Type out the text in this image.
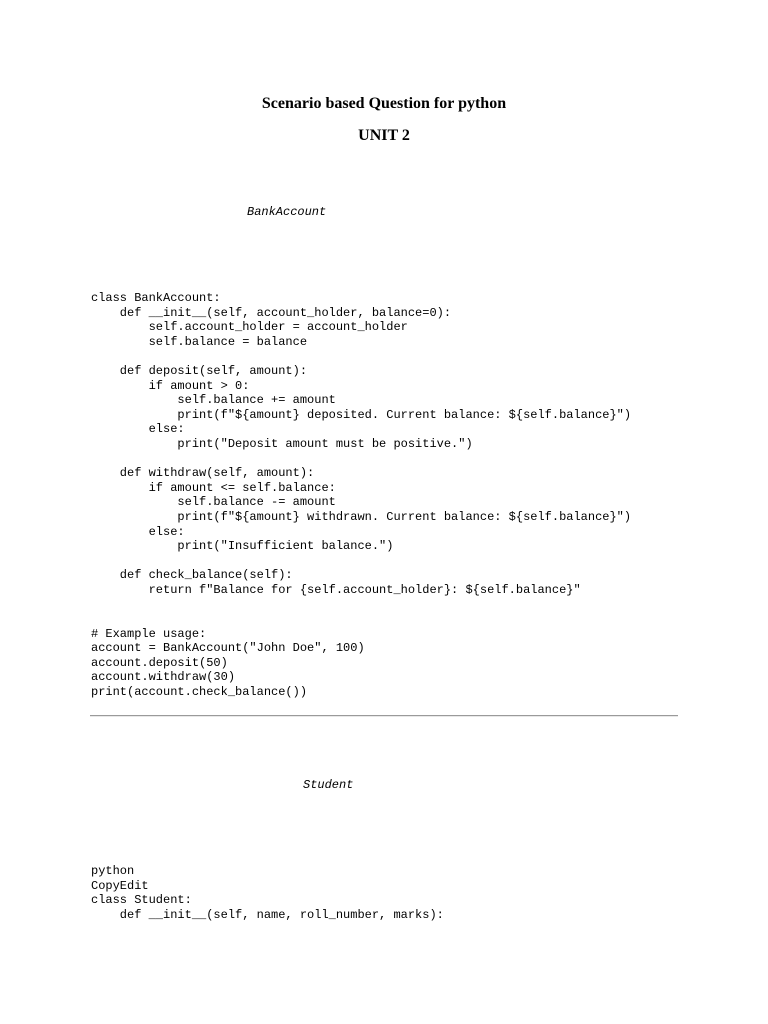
Scenario based Question for python
UNIT 2
BankAccount
class BankAccount:
def __init__(self, account_holder, balance=0):
self.account_holder = account_holder
self.balance = balance

def deposit(self, amount):
if amount > 0:
self.balance += amount
print(f"${amount} deposited. Current balance: ${self.balance}")
else:
print("Deposit amount must be positive.")

def withdraw(self, amount):
if amount <= self.balance:
self.balance -= amount
print(f"${amount} withdrawn. Current balance: ${self.balance}")
else:
print("Insufficient balance.")

def check_balance(self):
return f"Balance for {self.account_holder}: ${self.balance}"

# Example usage:
account = BankAccount("John Doe", 100)
account.deposit(50)
account.withdraw(30)
print(account.check_balance())
Student
python
CopyEdit
class Student:
def __init__(self, name, roll_number, marks):
